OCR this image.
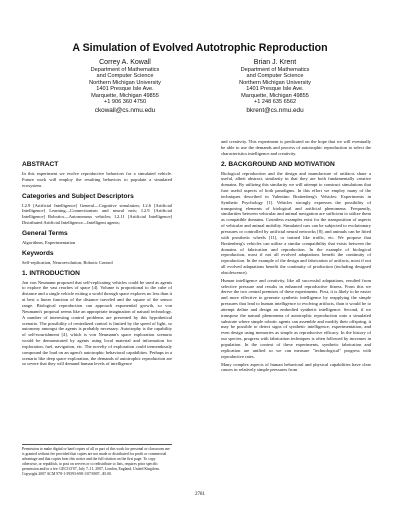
A Simulation of Evolved Autotrophic Reproduction
Correy A. Kowall
Department of Mathematics
and Computer Science
Northern Michigan University
1401 Presque Isle Ave.
Marquette, Michigan 49855
+1 906 360 4750
ckowall@cs.nmu.edu
Brian J. Krent
Department of Mathematics
and Computer Science
Northern Michigan University
1401 Presque Isle Ave.
Marquette, Michigan 49855
+1 248 635 6562
bkrent@cs.nmu.edu
ABSTRACT

In this experiment we evolve reproductive behaviors for a simulated vehicle. Future work will employ the resulting behaviors to populate a simulated ecosystem.

Categories and Subject Descriptors

I.2.9 [Artificial Intelligence] General—Cognitive simulation; I.2.6 [Artificial Intelligence] Learning—Connectionism and neural nets; I.2.9 [Artificial Intelligence] Robotics—Autonomous vehicles; I.2.11 [Artificial Intelligence] Distributed Artificial Intelligence—Intelligent agents;

General Terms

Algorithms, Experimentation

Keywords

Self-replication, Neuroevolution, Robotic Control

1. INTRODUCTION

Jon von Neumann proposed that self-replicating vehicles could be used as agents to explore the vast reaches of space [4]. Volume is proportional to the cube of distance and a single vehicle exiting a world through space explores no less than it at best a linear function of the distance traveled and the square of the sensor range. Biological reproduction can approach exponential growth, so von Neumann's proposal seems like an appropriate imagination of natural technology. A number of interesting control problems are presented by this hypothetical scenario. The possibility of centralized control is limited by the speed of light, so autonomy amongst the agents is probably necessary. Autotrophy is the capability of self-nourishment [4], which is von Neumann's space exploration scenario would be demonstrated by agents using local material and information for exploration, fuel, navigation, etc. The novelty of exploration could tremendously compound the load on an agent's autotrophic behavioral capabilities. Perhaps in a scenario like deep space exploration, the demands of autotrophic reproduction are so severe that they will demand human levels of intelligence

Permission to make digital or hard copies of all or part of this work for personal or classroom use is granted without fee provided that copies are not made or distributed for profit or commercial advantage and that copies bear this notice and the full citation on the first page. To copy otherwise, or republish, to post on servers or to redistribute to lists, requires prior specific permission and/or a fee. GECCO'07, July 7–11, 2007, London, England, United Kingdom. Copyright 2007 ACM 978-1-59593-698-1/07/0007...$5.00.

and creativity. This experiment is predicated on the hope that we will eventually be able to use the demands and process of autotrophic reproduction to select the characteristics intelligence and creativity.

2. BACKGROUND AND MOTIVATION

Biological reproduction and the design and manufacture of artifacts share a useful, albeit abstract, similarity in that they are both fundamentally creative domains. By utilizing this similarity we will attempt to construct simulations that fuse useful aspects of both paradigms. In this effort we employ many of the techniques described in Valentino Braitenberg's Vehicles: Experiments in Synthetic Psychology [1]. Vehicles strongly expresses the possibility of transposing elements of biological and artificial phenomena. Frequently, similarities between vehicular and animal navigation are sufficient to utilize them as compatible domains. Countless examples exist for the transposition of aspects of vehicular and animal mobility. Simulated cars can be subjected to evolutionary pressures or controlled by artificial neural networks [8], and animals can be fitted with prosthetic wheels [11], or trained like traffic, etc. We propose that Braitenberg's vehicles can utilize a similar compatibility that exists between the domains of fabrication and reproduction. In the example of biological reproduction, most if not all evolved adaptations benefit the continuity of reproduction. In the example of the design and fabrication of artifacts, most if not all evolved adaptations benefit the continuity of production (including designed obsolescence).

Human intelligence and creativity, like all successful adaptations, resulted from selective pressure and results in enhanced reproductive fitness. From this we derive the two central premises of these experiments. First, it is likely to be easier and more effective to generate synthetic intelligence by reapplying the simple pressures that lead to human intelligence to evolving artifacts, than it would be to attempt define and design an embodied synthetic intelligence. Second, if we transpose the natural phenomena of autotrophic reproduction onto a simulated substrate where simple robotic agents can assemble and modify their offspring, it may be possible to detect signs of synthetic intelligence, experimentation, and even design using memories as simple as reproductive efficacy. In the history of our species, progress with fabrication techniques is often followed by increases in population. In the context of these experiments, synthetic fabrication and replication are unified so we can measure "technological" progress with reproductive rates.

Many complex aspects of human behavioral and physical capabilities have clear causes in relatively simple pressures from

2781
